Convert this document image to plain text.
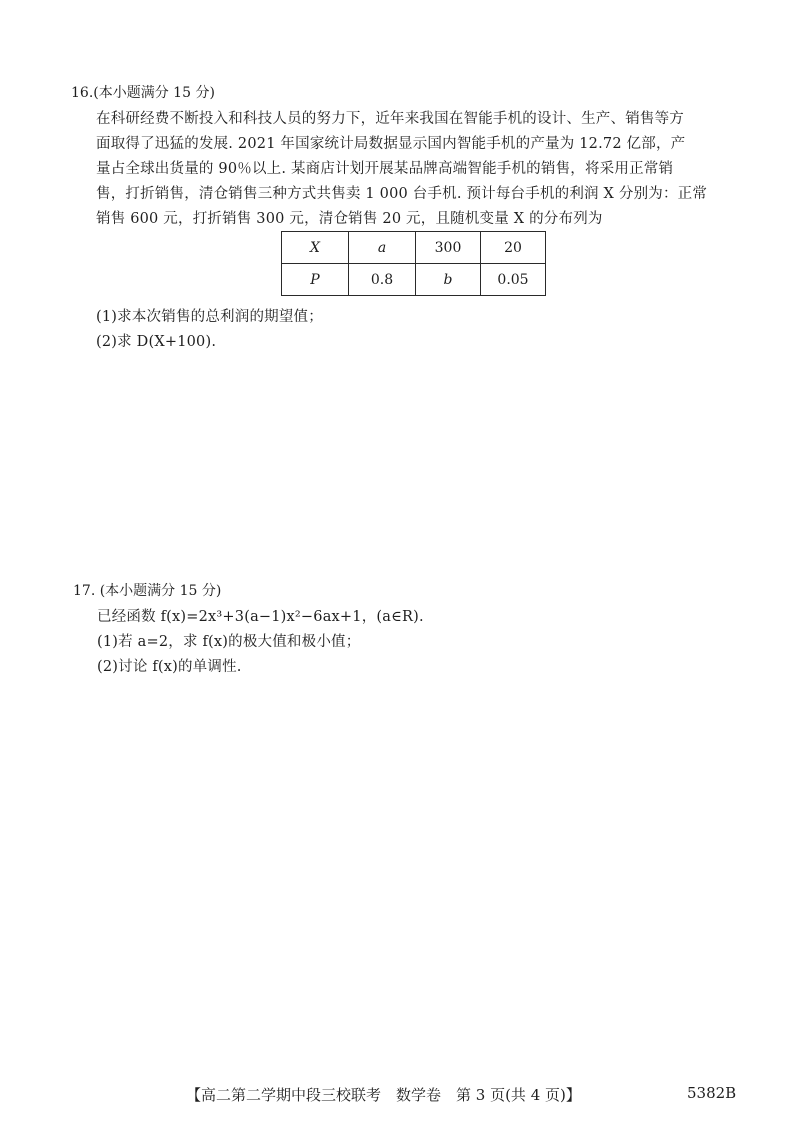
16.(本小题满分 15 分)
在科研经费不断投入和科技人员的努力下，近年来我国在智能手机的设计、生产、销售等方
面取得了迅猛的发展. 2021 年国家统计局数据显示国内智能手机的产量为 12.72 亿部，产
量占全球出货量的 90％以上. 某商店计划开展某品牌高端智能手机的销售，将采用正常销
售，打折销售，清仓销售三种方式共售卖 1 000 台手机. 预计每台手机的利润 X 分别为：正常
销售 600 元，打折销售 300 元，清仓销售 20 元，且随机变量 X 的分布列为
X	a	300	20
P	0.8	b	0.05
(1)求本次销售的总利润的期望值；
(2)求 D(X+100).
17. (本小题满分 15 分)
已经函数 f(x)=2x³+3(a−1)x²−6ax+1，(a∈R).
(1)若 a=2，求 f(x)的极大值和极小值；
(2)讨论 f(x)的单调性.
【高二第二学期中段三校联考　数学卷　第 3 页(共 4 页)】	5382B
